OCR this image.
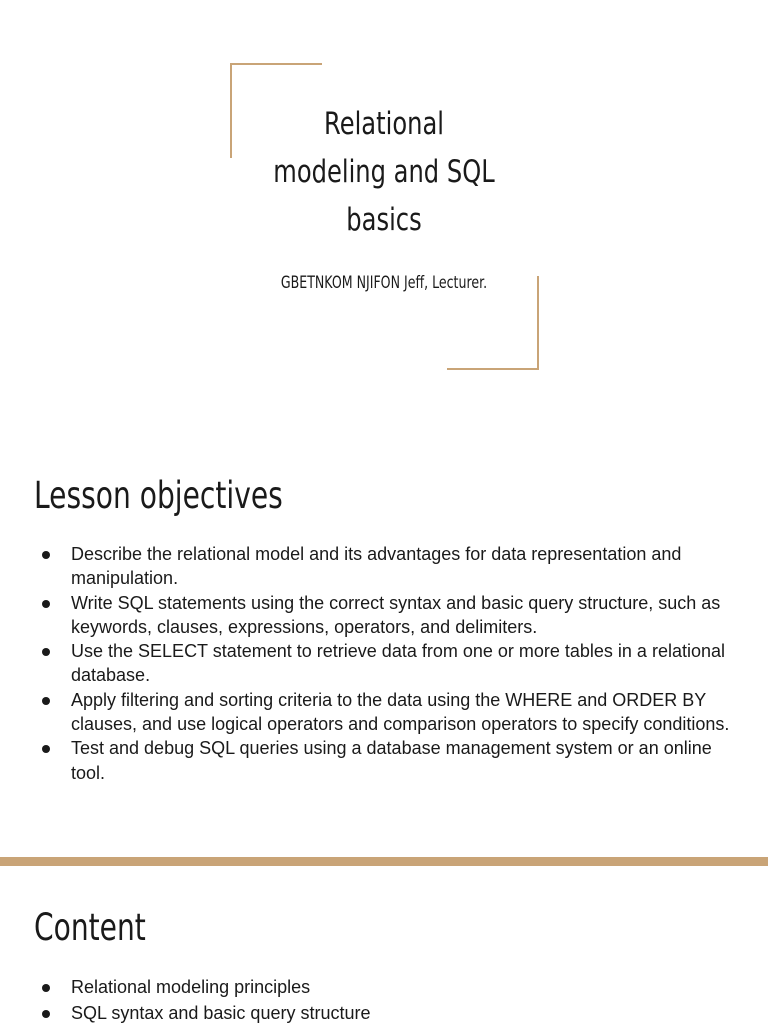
Relational
modeling and SQL
basics
GBETNKOM NJIFON Jeff, Lecturer.
Lesson objectives
Describe the relational model and its advantages for data representation and manipulation.
Write SQL statements using the correct syntax and basic query structure, such as keywords, clauses, expressions, operators, and delimiters.
Use the SELECT statement to retrieve data from one or more tables in a relational database.
Apply filtering and sorting criteria to the data using the WHERE and ORDER BY clauses, and use logical operators and comparison operators to specify conditions.
Test and debug SQL queries using a database management system or an online tool.
Content
Relational modeling principles
SQL syntax and basic query structure
